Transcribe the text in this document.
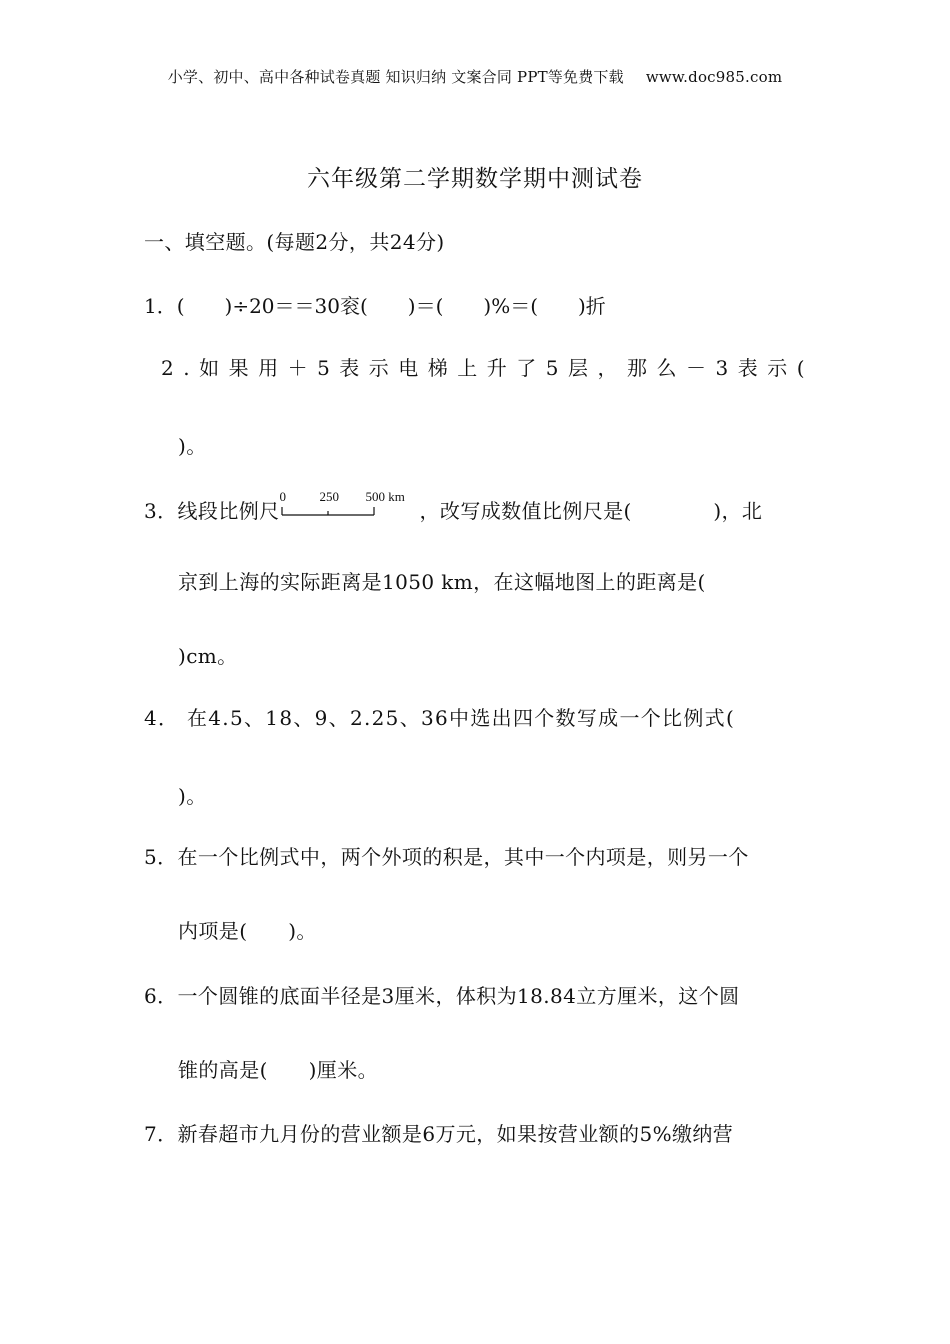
小学、初中、高中各种试卷真题 知识归纳 文案合同 PPT等免费下载 www.doc985.com
六年级第二学期数学期中测试卷
一、填空题。(每题2分，共24分)
1．(　　)÷20＝＝30衮(　　)＝(　　)%＝(　　)折
2.如果用＋5表示电梯上升了5层，那么－3表示(
)。
3．线段比例尺
0	250 500 km
，改写成数值比例尺是(　　　　)，北
京到上海的实际距离是1050 km，在这幅地图上的距离是(
)cm。
4． 在4.5、18、9、2.25、36中选出四个数写成一个比例式(
)。
5．在一个比例式中，两个外项的积是，其中一个内项是，则另一个
内项是(　　)。
6．一个圆锥的底面半径是3厘米，体积为18.84立方厘米，这个圆
锥的高是(　　)厘米。
7．新春超市九月份的营业额是6万元，如果按营业额的5%缴纳营
